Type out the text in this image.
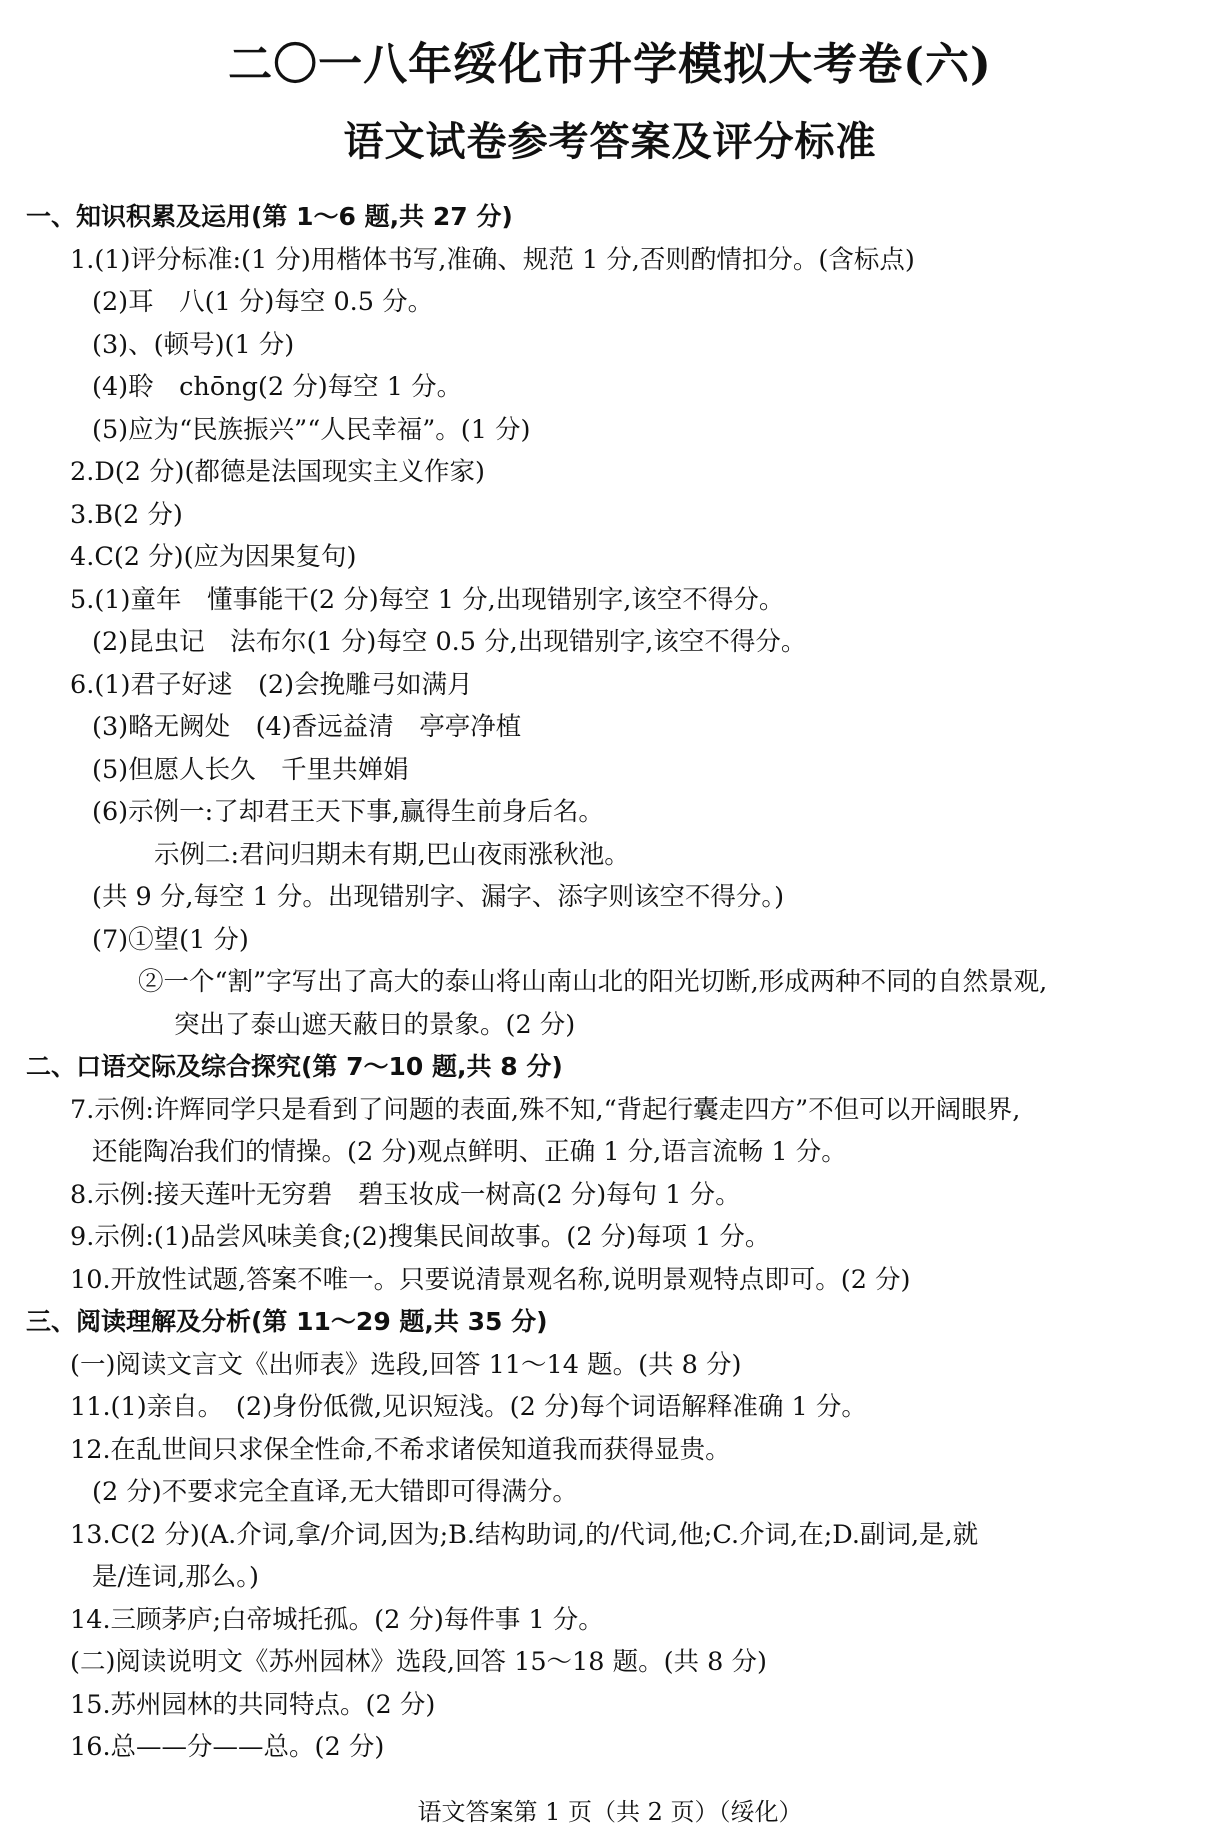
二〇一八年绥化市升学模拟大考卷(六)
语文试卷参考答案及评分标准
一、知识积累及运用(第 1～6 题,共 27 分)
1.(1)评分标准:(1 分)用楷体书写,准确、规范 1 分,否则酌情扣分。(含标点)
(2)耳　八(1 分)每空 0.5 分。
(3)、(顿号)(1 分)
(4)聆　chōng(2 分)每空 1 分。
(5)应为“民族振兴”“人民幸福”。(1 分)
2.D(2 分)(都德是法国现实主义作家)
3.B(2 分)
4.C(2 分)(应为因果复句)
5.(1)童年　懂事能干(2 分)每空 1 分,出现错别字,该空不得分。
(2)昆虫记　法布尔(1 分)每空 0.5 分,出现错别字,该空不得分。
6.(1)君子好逑　(2)会挽雕弓如满月
(3)略无阙处　(4)香远益清　亭亭净植
(5)但愿人长久　千里共婵娟
(6)示例一:了却君王天下事,赢得生前身后名。
示例二:君问归期未有期,巴山夜雨涨秋池。
(共 9 分,每空 1 分。出现错别字、漏字、添字则该空不得分。)
(7)①望(1 分)
②一个“割”字写出了高大的泰山将山南山北的阳光切断,形成两种不同的自然景观,
突出了泰山遮天蔽日的景象。(2 分)
二、口语交际及综合探究(第 7～10 题,共 8 分)
7.示例:许辉同学只是看到了问题的表面,殊不知,“背起行囊走四方”不但可以开阔眼界,
还能陶冶我们的情操。(2 分)观点鲜明、正确 1 分,语言流畅 1 分。
8.示例:接天莲叶无穷碧　碧玉妆成一树高(2 分)每句 1 分。
9.示例:(1)品尝风味美食;(2)搜集民间故事。(2 分)每项 1 分。
10.开放性试题,答案不唯一。只要说清景观名称,说明景观特点即可。(2 分)
三、阅读理解及分析(第 11～29 题,共 35 分)
(一)阅读文言文《出师表》选段,回答 11～14 题。(共 8 分)
11.(1)亲自。　(2)身份低微,见识短浅。(2 分)每个词语解释准确 1 分。
12.在乱世间只求保全性命,不希求诸侯知道我而获得显贵。
(2 分)不要求完全直译,无大错即可得满分。
13.C(2 分)(A.介词,拿/介词,因为;B.结构助词,的/代词,他;C.介词,在;D.副词,是,就
是/连词,那么。)
14.三顾茅庐;白帝城托孤。(2 分)每件事 1 分。
(二)阅读说明文《苏州园林》选段,回答 15～18 题。(共 8 分)
15.苏州园林的共同特点。(2 分)
16.总——分——总。(2 分)
语文答案第 1 页（共 2 页）（绥化）
